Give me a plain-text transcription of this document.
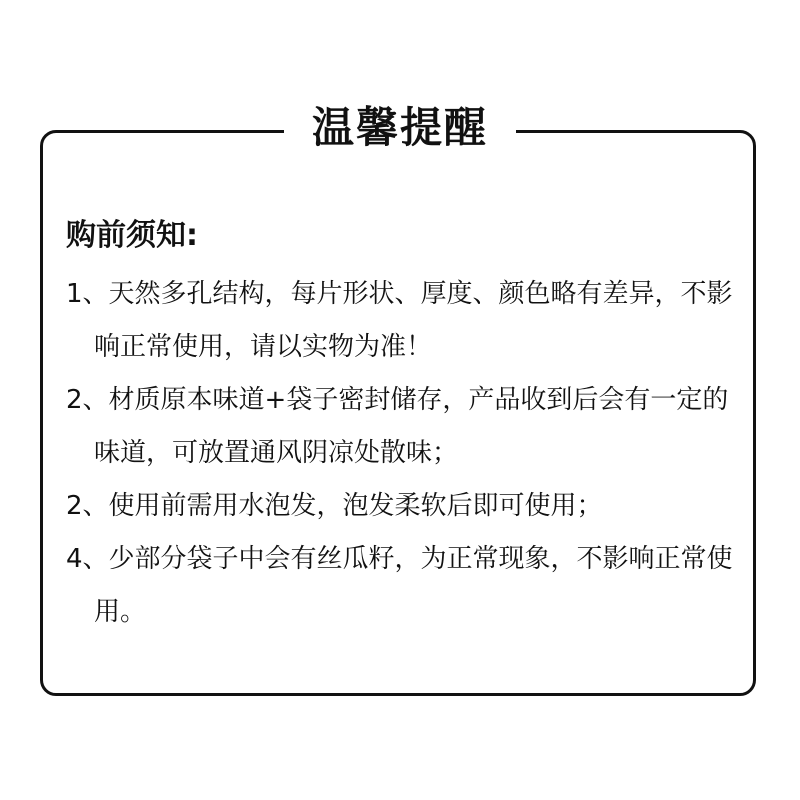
温馨提醒
购前须知:

1、天然多孔结构，每片形状、厚度、颜色略有差异，不影响正常使用，请以实物为准！

2、材质原本味道+袋子密封储存，产品收到后会有一定的味道，可放置通风阴凉处散味；

2、使用前需用水泡发，泡发柔软后即可使用；

4、少部分袋子中会有丝瓜籽，为正常现象，不影响正常使用。
